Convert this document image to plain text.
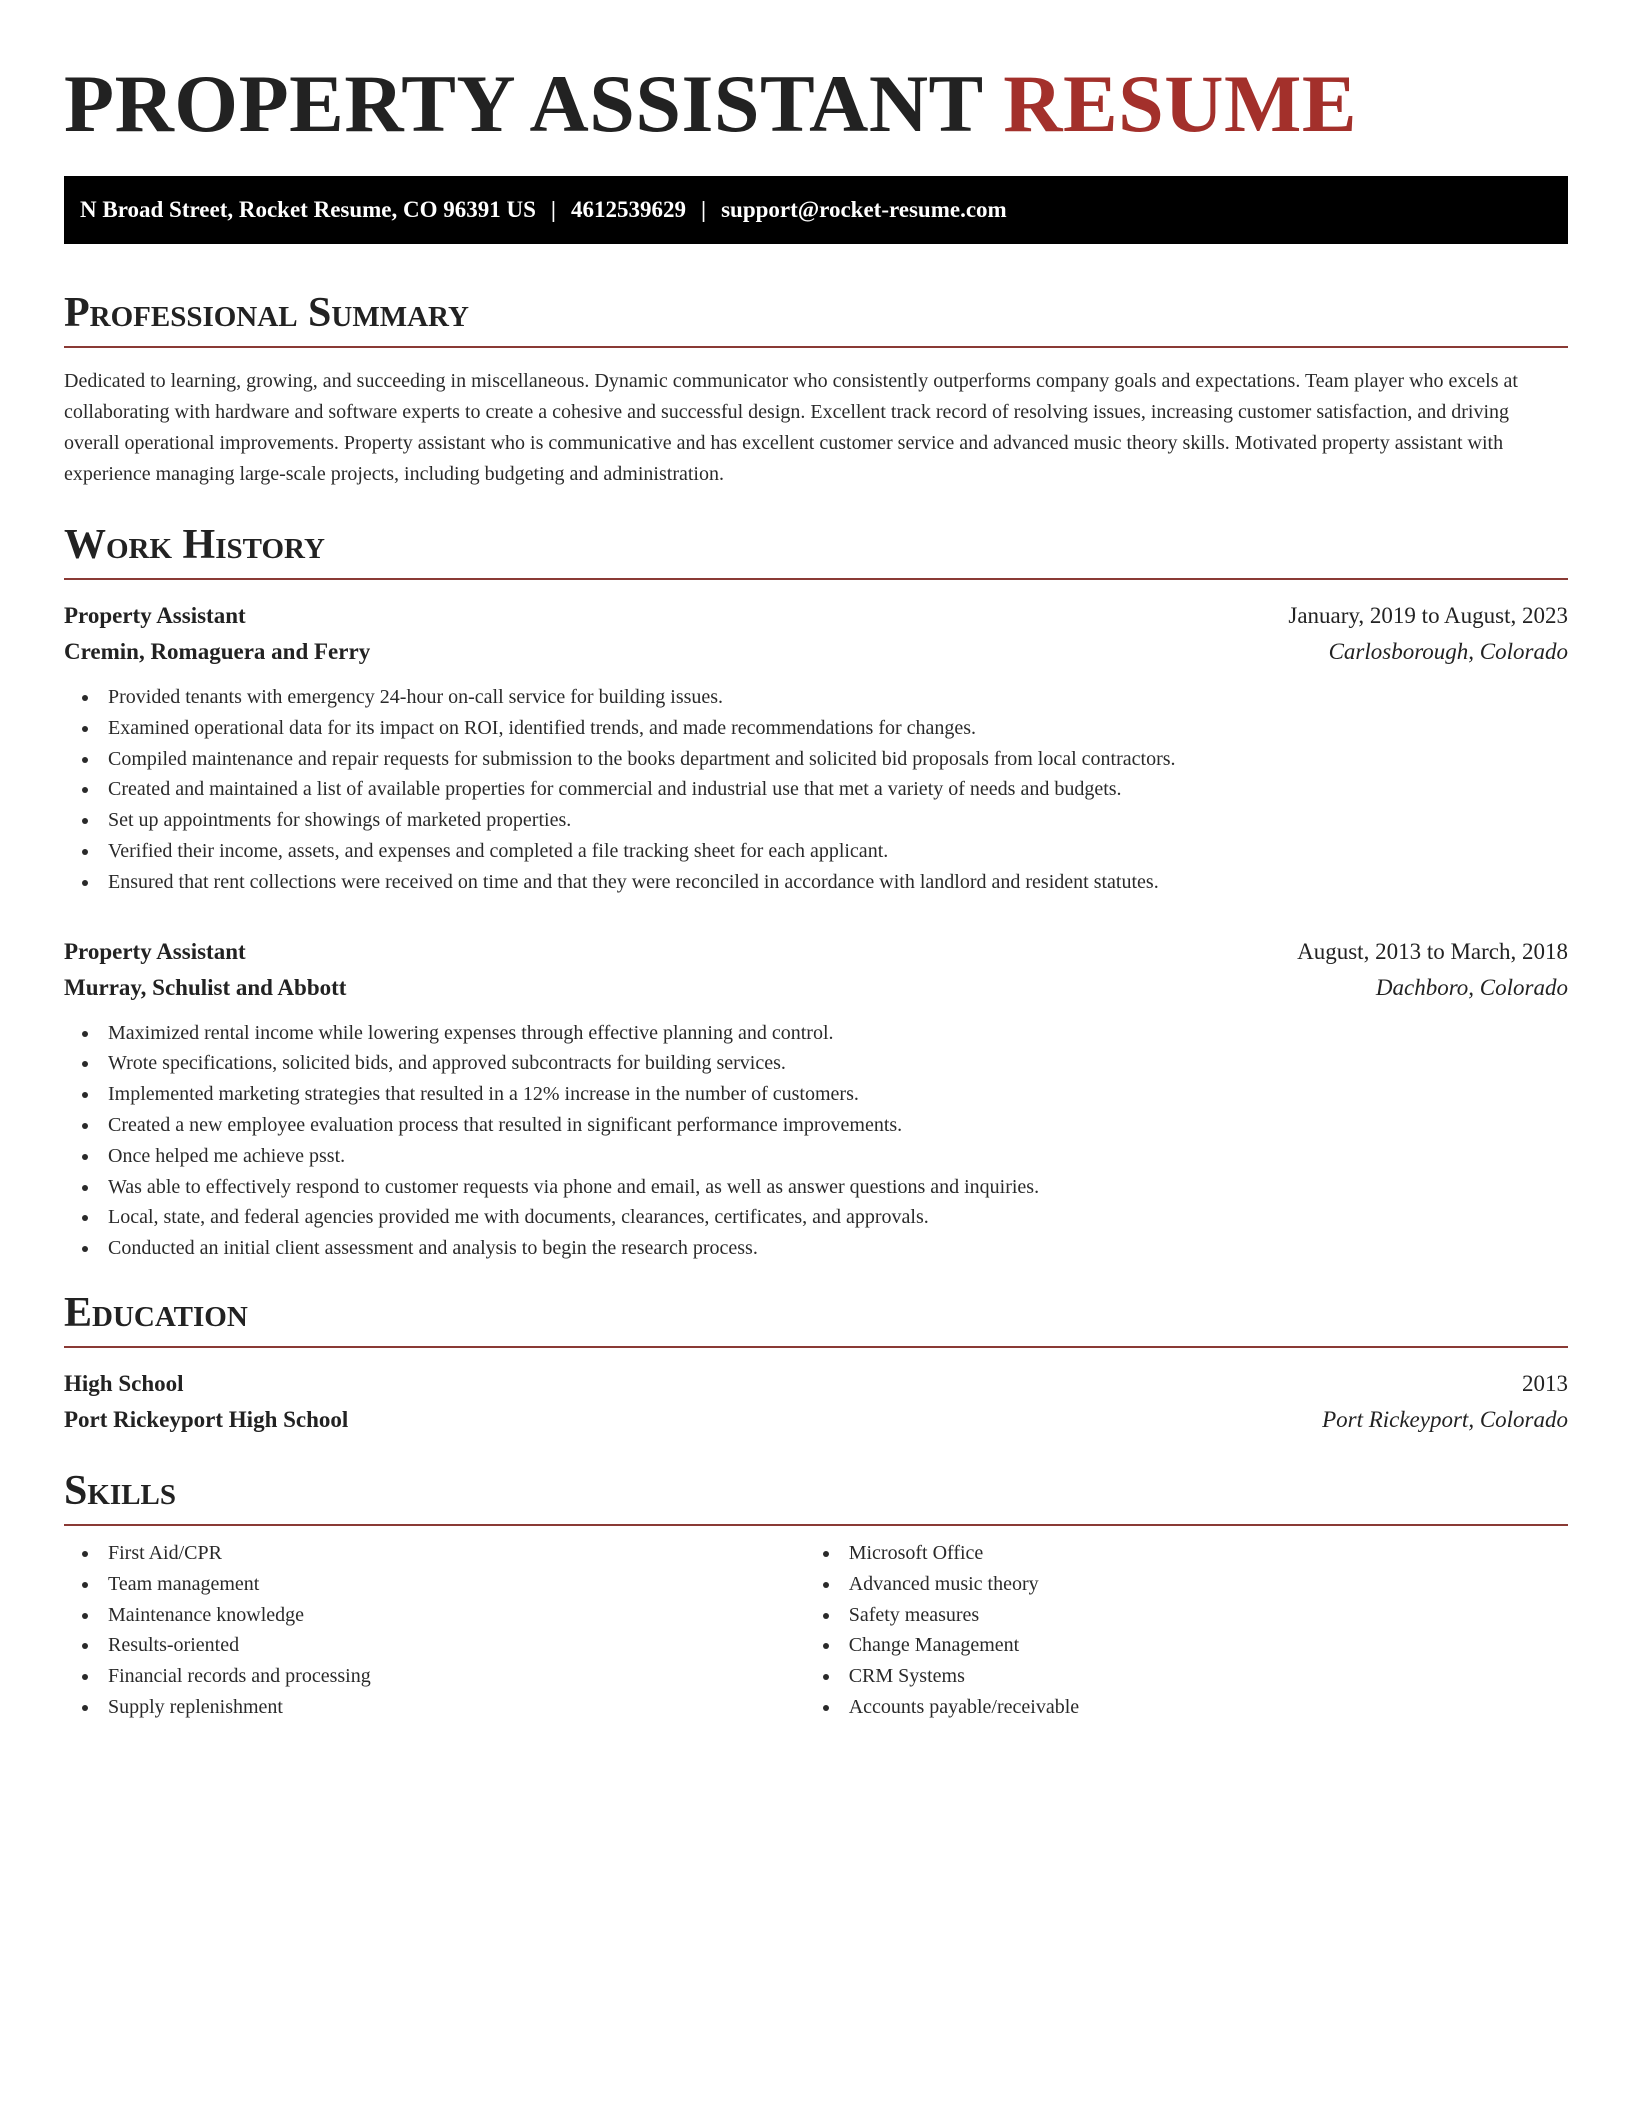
PROPERTY ASSISTANT RESUME
N Broad Street, Rocket Resume, CO 96391 US | 4612539629 | support@rocket-resume.com
Professional Summary

Dedicated to learning, growing, and succeeding in miscellaneous. Dynamic communicator who consistently outperforms company goals and expectations. Team player who excels at collaborating with hardware and software experts to create a cohesive and successful design. Excellent track record of resolving issues, increasing customer satisfaction, and driving overall operational improvements. Property assistant who is communicative and has excellent customer service and advanced music theory skills. Motivated property assistant with experience managing large-scale projects, including budgeting and administration.

Work History
Property Assistant	January, 2019 to August, 2023
Cremin, Romaguera and Ferry	Carlosborough, Colorado
Provided tenants with emergency 24-hour on-call service for building issues.
Examined operational data for its impact on ROI, identified trends, and made recommendations for changes.
Compiled maintenance and repair requests for submission to the books department and solicited bid proposals from local contractors.
Created and maintained a list of available properties for commercial and industrial use that met a variety of needs and budgets.
Set up appointments for showings of marketed properties.
Verified their income, assets, and expenses and completed a file tracking sheet for each applicant.
Ensured that rent collections were received on time and that they were reconciled in accordance with landlord and resident statutes.
Property Assistant	August, 2013 to March, 2018
Murray, Schulist and Abbott	Dachboro, Colorado
Maximized rental income while lowering expenses through effective planning and control.
Wrote specifications, solicited bids, and approved subcontracts for building services.
Implemented marketing strategies that resulted in a 12% increase in the number of customers.
Created a new employee evaluation process that resulted in significant performance improvements.
Once helped me achieve psst.
Was able to effectively respond to customer requests via phone and email, as well as answer questions and inquiries.
Local, state, and federal agencies provided me with documents, clearances, certificates, and approvals.
Conducted an initial client assessment and analysis to begin the research process.
Education
High School	2013
Port Rickeyport High School	Port Rickeyport, Colorado
Skills
First Aid/CPR
Team management
Maintenance knowledge
Results-oriented
Financial records and processing
Supply replenishment
Microsoft Office
Advanced music theory
Safety measures
Change Management
CRM Systems
Accounts payable/receivable
